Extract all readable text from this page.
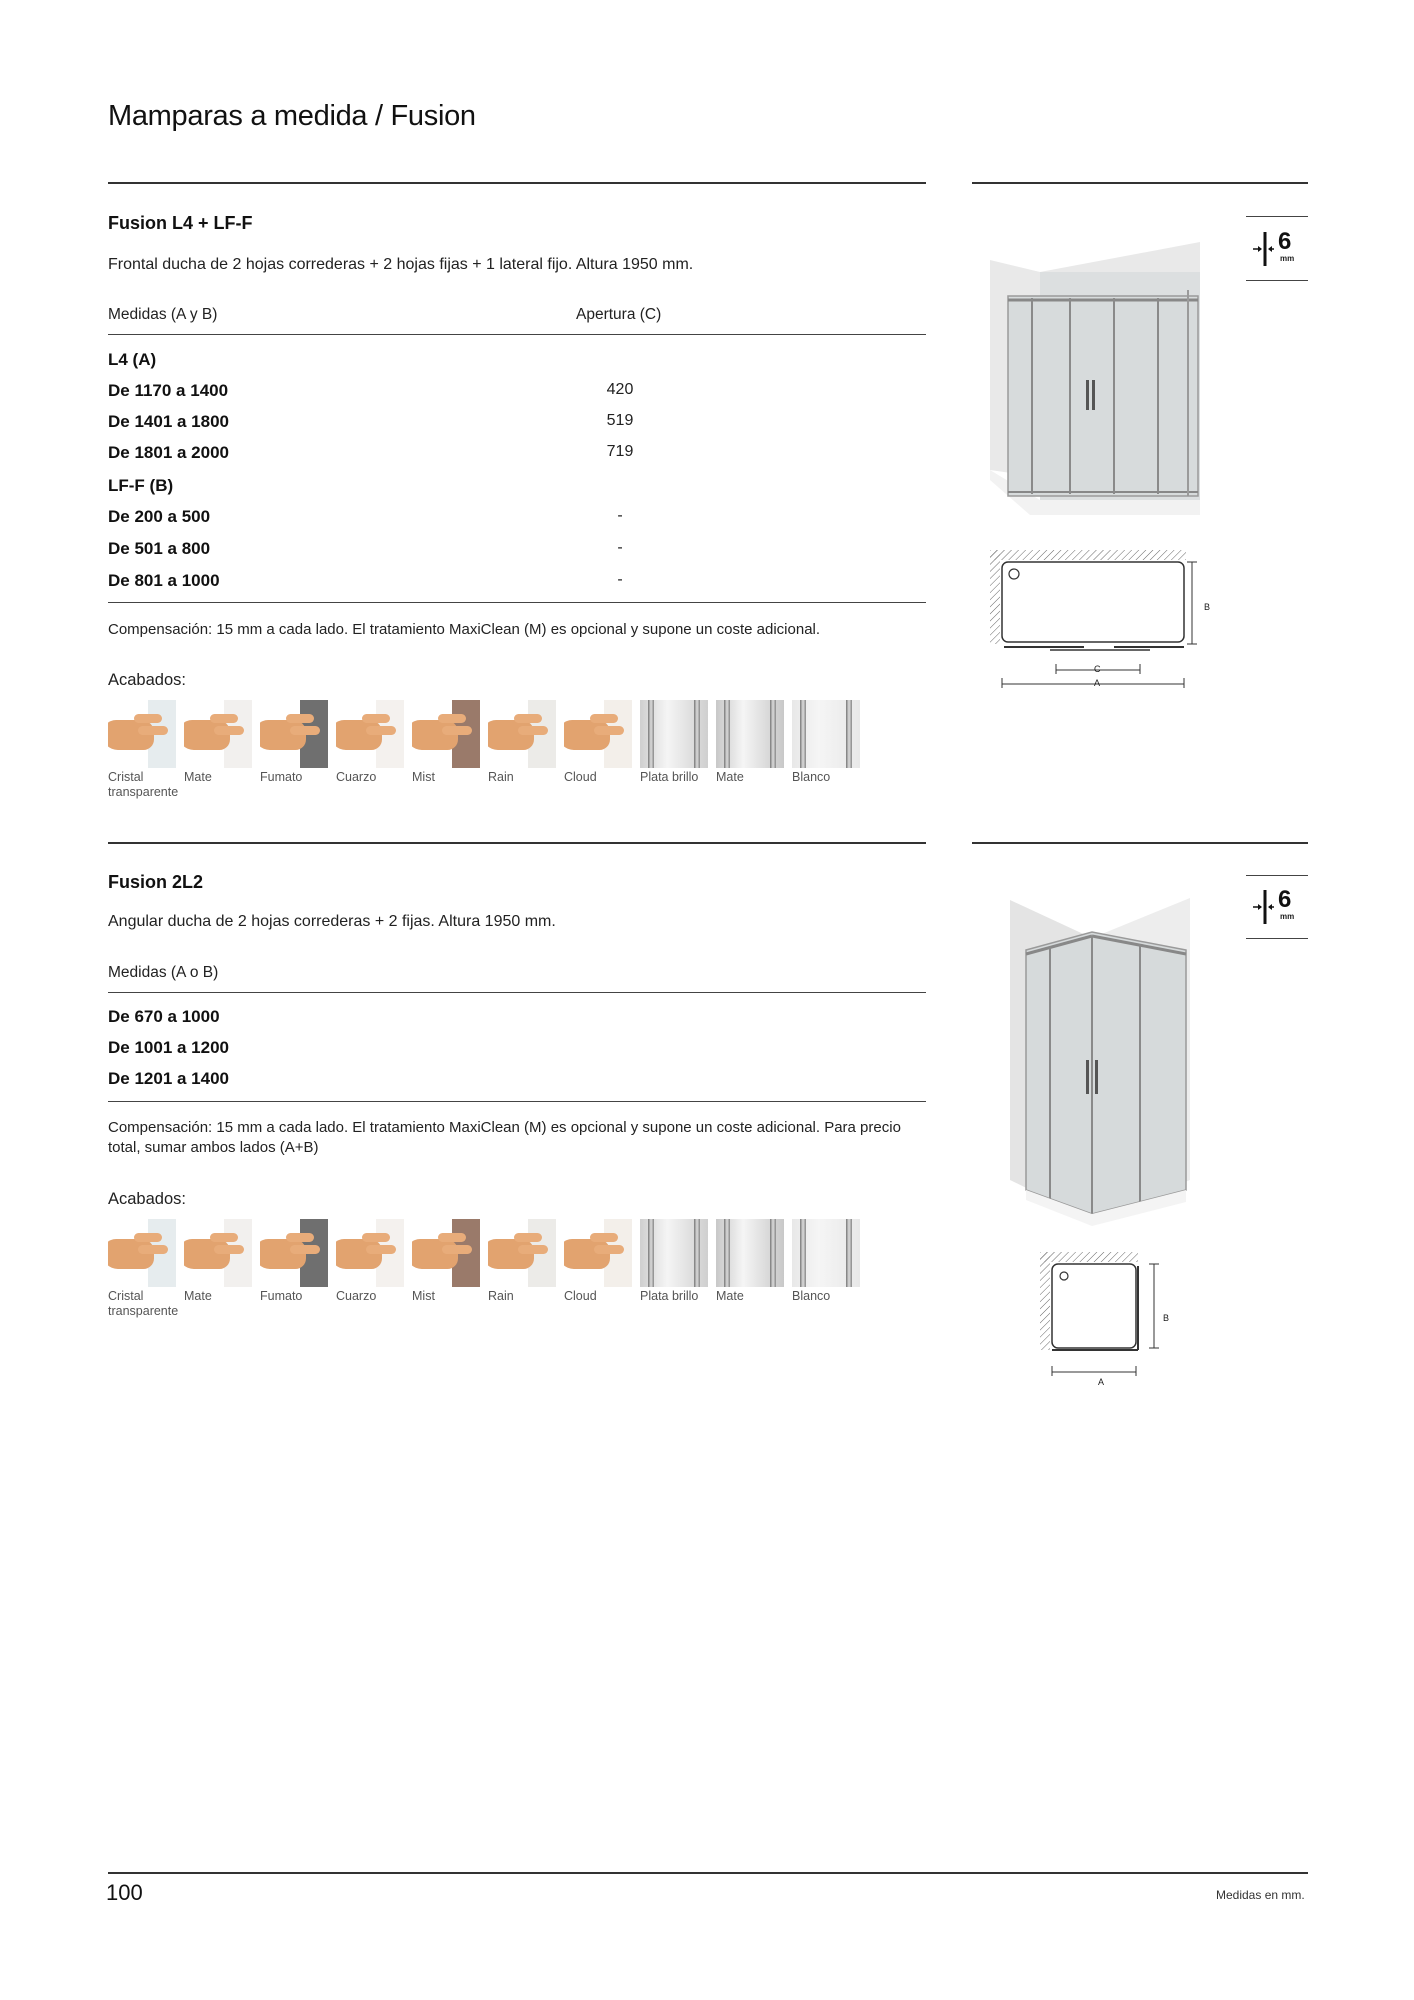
Mamparas a medida / Fusion
Fusion L4 + LF-F
Frontal ducha de 2 hojas correderas + 2 hojas fijas + 1 lateral fijo. Altura 1950 mm.
Medidas (A y B)	Apertura (C)
L4 (A)
De 1170 a 1400	420
De 1401 a 1800	519
De 1801 a 2000	719
LF-F (B)
De 200 a 500	-
De 501 a 800	-
De 801 a 1000	-
Compensación: 15 mm a cada lado. El tratamiento MaxiClean (M) es opcional y supone un coste adicional.
Acabados:
Cristal transparente
Mate	Fumato	Cuarzo	Mist	Rain	Cloud	Plata brillo	Mate	Blanco
6
mm
B
C
A
Fusion 2L2
Angular ducha de 2 hojas correderas + 2 fijas. Altura 1950 mm.
Medidas (A o B)
De 670 a 1000
De 1001 a 1200
De 1201 a 1400
Compensación: 15 mm a cada lado. El tratamiento MaxiClean (M) es opcional y supone un coste adicional. Para precio total, sumar ambos lados (A+B)
Acabados:
Cristal transparente
Mate	Fumato	Cuarzo	Mist	Rain	Cloud	Plata brillo	Mate	Blanco
6
mm
B
A
100	Medidas en mm.
